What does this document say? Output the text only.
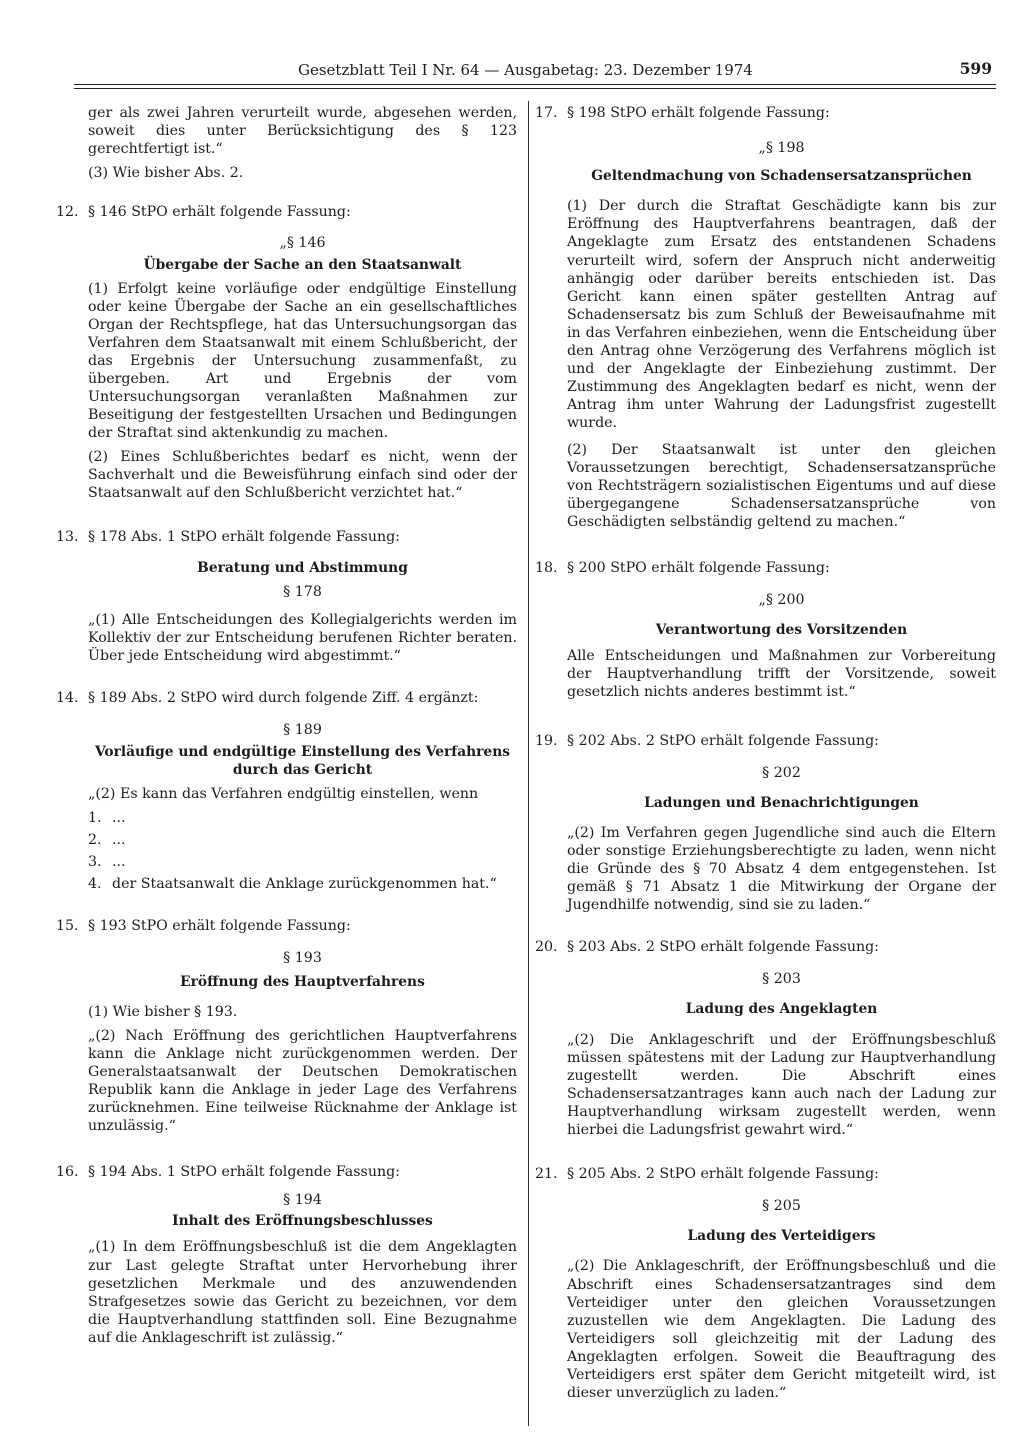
Gesetzblatt Teil I Nr. 64 — Ausgabetag: 23. Dezember 1974	599

ger als zwei Jahren verurteilt wurde, abgesehen werden, soweit dies unter Berücksichtigung des § 123 gerechtfertigt ist.“

(3) Wie bisher Abs. 2.

12. § 146 StPO erhält folgende Fassung:
„§ 146
Übergabe der Sache an den Staatsanwalt

(1) Erfolgt keine vorläufige oder endgültige Einstellung oder keine Übergabe der Sache an ein gesellschaftliches Organ der Rechtspflege, hat das Untersuchungsorgan das Verfahren dem Staatsanwalt mit einem Schlußbericht, der das Ergebnis der Untersuchung zusammenfaßt, zu übergeben. Art und Ergebnis der vom Untersuchungsorgan veranlaßten Maßnahmen zur Beseitigung der festgestellten Ursachen und Bedingungen der Straftat sind aktenkundig zu machen.

(2) Eines Schlußberichtes bedarf es nicht, wenn der Sachverhalt und die Beweisführung einfach sind oder der Staatsanwalt auf den Schlußbericht verzichtet hat.“

13. § 178 Abs. 1 StPO erhält folgende Fassung:
Beratung und Abstimmung
§ 178

„(1) Alle Entscheidungen des Kollegialgerichts werden im Kollektiv der zur Entscheidung berufenen Richter beraten. Über jede Entscheidung wird abgestimmt.“

14. § 189 Abs. 2 StPO wird durch folgende Ziff. 4 ergänzt:
§ 189
Vorläufige und endgültige Einstellung des Verfahrens durch das Gericht

„(2) Es kann das Verfahren endgültig einstellen, wenn

1. ...
2. ...
3. ...
4. der Staatsanwalt die Anklage zurückgenommen hat.“
15. § 193 StPO erhält folgende Fassung:
§ 193
Eröffnung des Hauptverfahrens

(1) Wie bisher § 193.

„(2) Nach Eröffnung des gerichtlichen Hauptverfahrens kann die Anklage nicht zurückgenommen werden. Der Generalstaatsanwalt der Deutschen Demokratischen Republik kann die Anklage in jeder Lage des Verfahrens zurücknehmen. Eine teilweise Rücknahme der Anklage ist unzulässig.“

16. § 194 Abs. 1 StPO erhält folgende Fassung:
§ 194
Inhalt des Eröffnungsbeschlusses

„(1) In dem Eröffnungsbeschluß ist die dem Angeklagten zur Last gelegte Straftat unter Hervorhebung ihrer gesetzlichen Merkmale und des anzuwendenden Strafgesetzes sowie das Gericht zu bezeichnen, vor dem die Hauptverhandlung stattfinden soll. Eine Bezugnahme auf die Anklageschrift ist zulässig.“

17. § 198 StPO erhält folgende Fassung:
„§ 198
Geltendmachung von Schadensersatzansprüchen

(1) Der durch die Straftat Geschädigte kann bis zur Eröffnung des Hauptverfahrens beantragen, daß der Angeklagte zum Ersatz des entstandenen Schadens verurteilt wird, sofern der Anspruch nicht anderweitig anhängig oder darüber bereits entschieden ist. Das Gericht kann einen später gestellten Antrag auf Schadensersatz bis zum Schluß der Beweisaufnahme mit in das Verfahren einbeziehen, wenn die Entscheidung über den Antrag ohne Verzögerung des Verfahrens möglich ist und der Angeklagte der Einbeziehung zustimmt. Der Zustimmung des Angeklagten bedarf es nicht, wenn der Antrag ihm unter Wahrung der Ladungsfrist zugestellt wurde.

(2) Der Staatsanwalt ist unter den gleichen Voraussetzungen berechtigt, Schadensersatzansprüche von Rechtsträgern sozialistischen Eigentums und auf diese übergegangene Schadensersatzansprüche von Geschädigten selbständig geltend zu machen.“

18. § 200 StPO erhält folgende Fassung:
„§ 200
Verantwortung des Vorsitzenden

Alle Entscheidungen und Maßnahmen zur Vorbereitung der Hauptverhandlung trifft der Vorsitzende, soweit gesetzlich nichts anderes bestimmt ist.“

19. § 202 Abs. 2 StPO erhält folgende Fassung:
§ 202
Ladungen und Benachrichtigungen

„(2) Im Verfahren gegen Jugendliche sind auch die Eltern oder sonstige Erziehungsberechtigte zu laden, wenn nicht die Gründe des § 70 Absatz 4 dem entgegenstehen. Ist gemäß § 71 Absatz 1 die Mitwirkung der Organe der Jugendhilfe notwendig, sind sie zu laden.“

20. § 203 Abs. 2 StPO erhält folgende Fassung:
§ 203
Ladung des Angeklagten

„(2) Die Anklageschrift und der Eröffnungsbeschluß müssen spätestens mit der Ladung zur Hauptverhandlung zugestellt werden. Die Abschrift eines Schadensersatzantrages kann auch nach der Ladung zur Hauptverhandlung wirksam zugestellt werden, wenn hierbei die Ladungsfrist gewahrt wird.“

21. § 205 Abs. 2 StPO erhält folgende Fassung:
§ 205
Ladung des Verteidigers

„(2) Die Anklageschrift, der Eröffnungsbeschluß und die Abschrift eines Schadensersatzantrages sind dem Verteidiger unter den gleichen Voraussetzungen zuzustellen wie dem Angeklagten. Die Ladung des Verteidigers soll gleichzeitig mit der Ladung des Angeklagten erfolgen. Soweit die Beauftragung des Verteidigers erst später dem Gericht mitgeteilt wird, ist dieser unverzüglich zu laden.“
